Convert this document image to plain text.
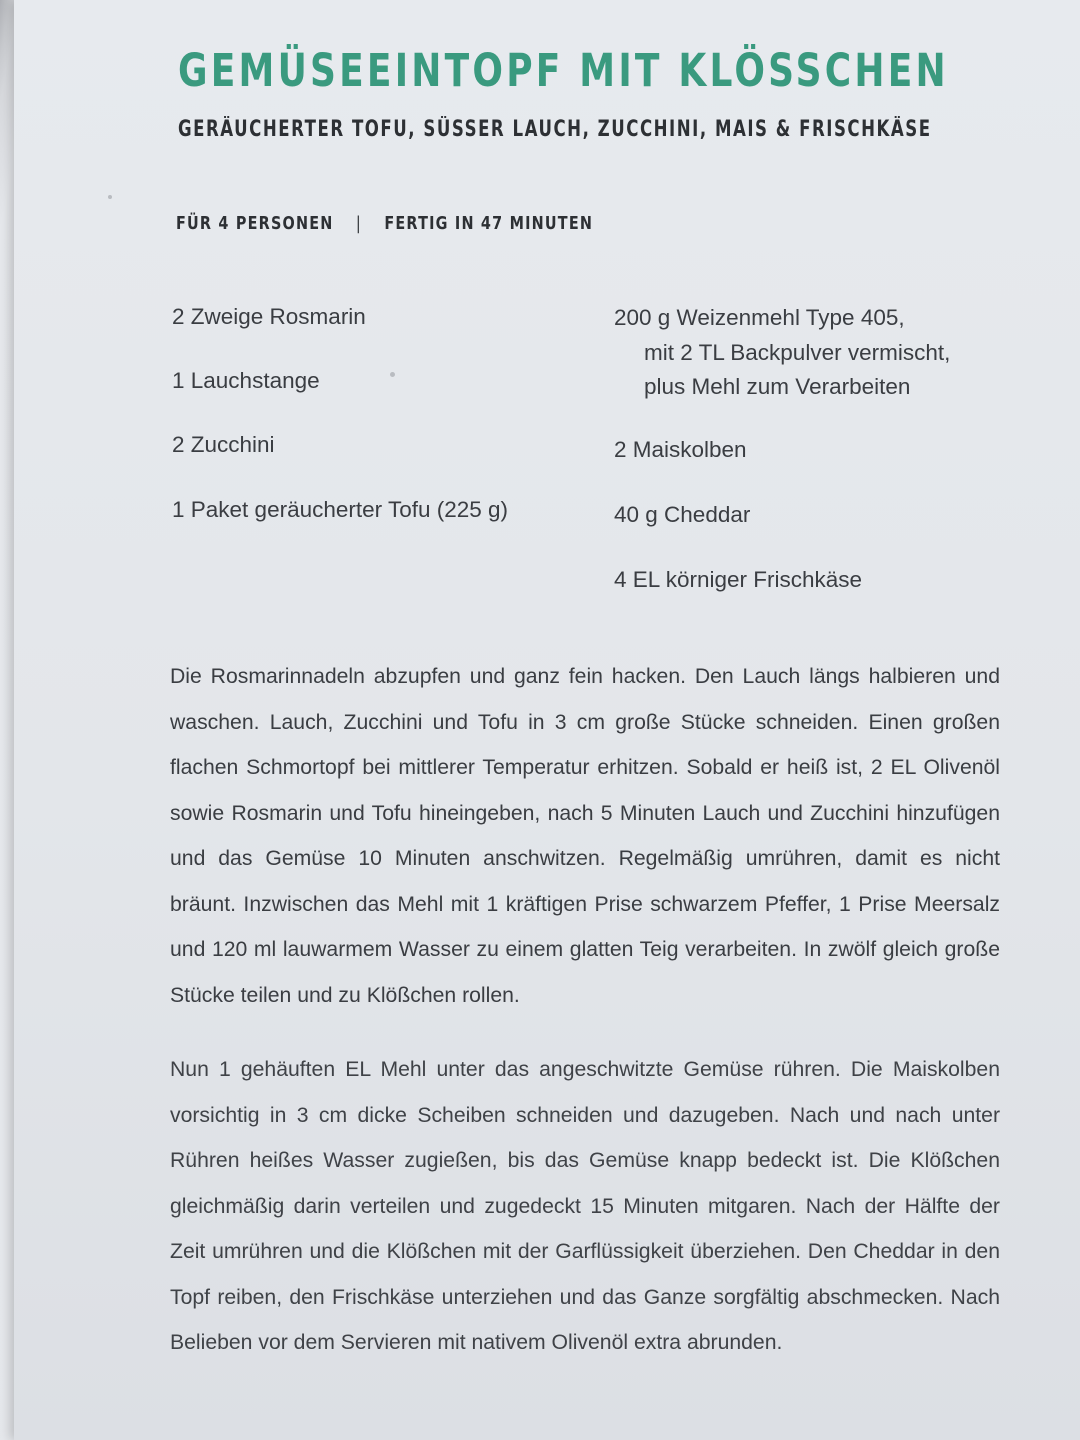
GEMÜSEEINTOPF MIT KLÖSSCHEN
GERÄUCHERTER TOFU, SÜSSER LAUCH, ZUCCHINI, MAIS & FRISCHKÄSE
FÜR 4 PERSONEN | FERTIG IN 47 MINUTEN
2 Zweige Rosmarin
1 Lauchstange
2 Zucchini
1 Paket geräucherter Tofu (225 g)
200 g Weizenmehl Type 405,
mit 2 TL Backpulver vermischt,
plus Mehl zum Verarbeiten
2 Maiskolben
40 g Cheddar
4 EL körniger Frischkäse

Die Rosmarinnadeln abzupfen und ganz fein hacken. Den Lauch längs halbieren und waschen. Lauch, Zucchini und Tofu in 3 cm große Stücke schneiden. Einen großen flachen Schmortopf bei mittlerer Temperatur erhitzen. Sobald er heiß ist, 2 EL Olivenöl sowie Rosmarin und Tofu hineingeben, nach 5 Minuten Lauch und Zucchini hinzufügen und das Gemüse 10 Minuten anschwitzen. Regelmäßig umrühren, damit es nicht bräunt. Inzwischen das Mehl mit 1 kräftigen Prise schwarzem Pfeffer, 1 Prise Meersalz und 120 ml lauwarmem Wasser zu einem glatten Teig verarbeiten. In zwölf gleich große Stücke teilen und zu Klößchen rollen.

Nun 1 gehäuften EL Mehl unter das angeschwitzte Gemüse rühren. Die Maiskolben vorsichtig in 3 cm dicke Scheiben schneiden und dazugeben. Nach und nach unter Rühren heißes Wasser zugießen, bis das Gemüse knapp bedeckt ist. Die Klößchen gleichmäßig darin verteilen und zugedeckt 15 Minuten mitgaren. Nach der Hälfte der Zeit umrühren und die Klößchen mit der Garflüssigkeit überziehen. Den Cheddar in den Topf reiben, den Frischkäse unterziehen und das Ganze sorgfältig abschmecken. Nach Belieben vor dem Servieren mit nativem Olivenöl extra abrunden.
